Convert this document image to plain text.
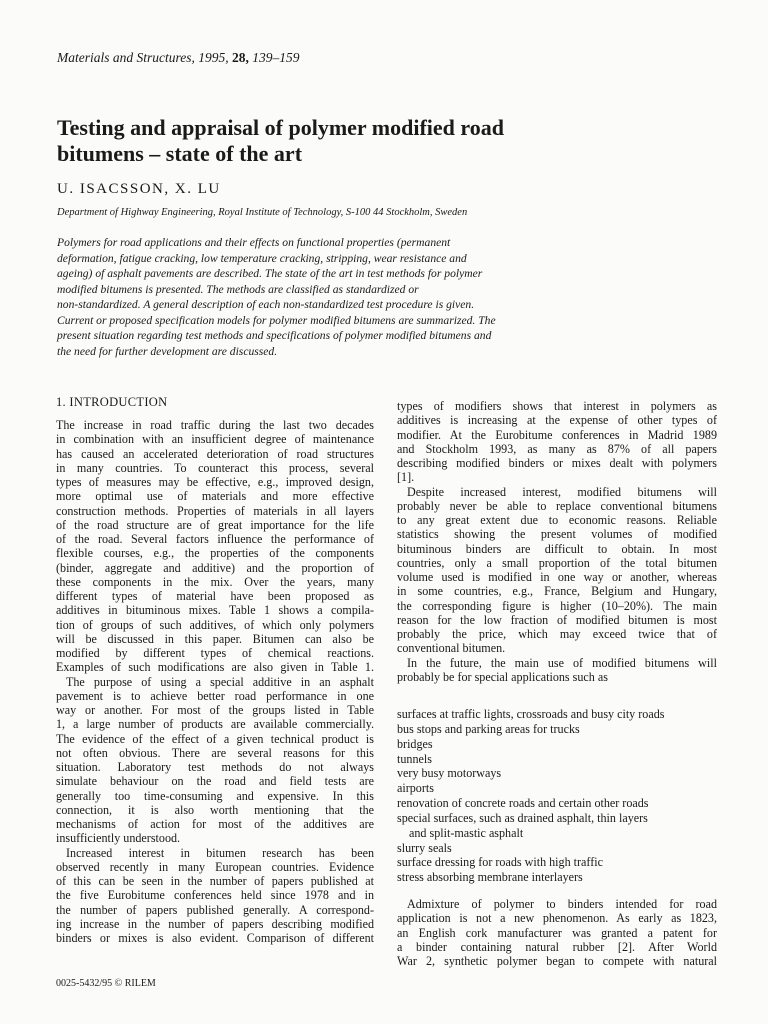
Materials and Structures, 1995, 28, 139–159
Testing and appraisal of polymer modified road
bitumens – state of the art
U. ISACSSON, X. LU
Department of Highway Engineering, Royal Institute of Technology, S-100 44 Stockholm, Sweden
Polymers for road applications and their effects on functional properties (permanent
deformation, fatigue cracking, low temperature cracking, stripping, wear resistance and
ageing) of asphalt pavements are described. The state of the art in test methods for polymer
modified bitumens is presented. The methods are classified as standardized or
non-standardized. A general description of each non-standardized test procedure is given.
Current or proposed specification models for polymer modified bitumens are summarized. The
present situation regarding test methods and specifications of polymer modified bitumens and
the need for further development are discussed.
1. INTRODUCTION
The increase in road traffic during the last two decades
in combination with an insufficient degree of maintenance
has caused an accelerated deterioration of road structures
in many countries. To counteract this process, several
types of measures may be effective, e.g., improved design,
more optimal use of materials and more effective
construction methods. Properties of materials in all layers
of the road structure are of great importance for the life
of the road. Several factors influence the performance of
flexible courses, e.g., the properties of the components
(binder, aggregate and additive) and the proportion of
these components in the mix. Over the years, many
different types of material have been proposed as
additives in bituminous mixes. Table 1 shows a compila-
tion of groups of such additives, of which only polymers
will be discussed in this paper. Bitumen can also be
modified by different types of chemical reactions.
Examples of such modifications are also given in Table 1.
The purpose of using a special additive in an asphalt
pavement is to achieve better road performance in one
way or another. For most of the groups listed in Table
1, a large number of products are available commercially.
The evidence of the effect of a given technical product is
not often obvious. There are several reasons for this
situation. Laboratory test methods do not always
simulate behaviour on the road and field tests are
generally too time-consuming and expensive. In this
connection, it is also worth mentioning that the
mechanisms of action for most of the additives are
insufficiently understood.
Increased interest in bitumen research has been
observed recently in many European countries. Evidence
of this can be seen in the number of papers published at
the five Eurobitume conferences held since 1978 and in
the number of papers published generally. A correspond-
ing increase in the number of papers describing modified
binders or mixes is also evident. Comparison of different
types of modifiers shows that interest in polymers as
additives is increasing at the expense of other types of
modifier. At the Eurobitume conferences in Madrid 1989
and Stockholm 1993, as many as 87% of all papers
describing modified binders or mixes dealt with polymers
[1].
Despite increased interest, modified bitumens will
probably never be able to replace conventional bitumens
to any great extent due to economic reasons. Reliable
statistics showing the present volumes of modified
bituminous binders are difficult to obtain. In most
countries, only a small proportion of the total bitumen
volume used is modified in one way or another, whereas
in some countries, e.g., France, Belgium and Hungary,
the corresponding figure is higher (10–20%). The main
reason for the low fraction of modified bitumen is most
probably the price, which may exceed twice that of
conventional bitumen.
In the future, the main use of modified bitumens will
probably be for special applications such as
surfaces at traffic lights, crossroads and busy city roads
bus stops and parking areas for trucks
bridges
tunnels
very busy motorways
airports
renovation of concrete roads and certain other roads
special surfaces, such as drained asphalt, thin layers
and split-mastic asphalt
slurry seals
surface dressing for roads with high traffic
stress absorbing membrane interlayers
Admixture of polymer to binders intended for road
application is not a new phenomenon. As early as 1823,
an English cork manufacturer was granted a patent for
a binder containing natural rubber [2]. After World
War 2, synthetic polymer began to compete with natural
0025-5432/95 © RILEM
